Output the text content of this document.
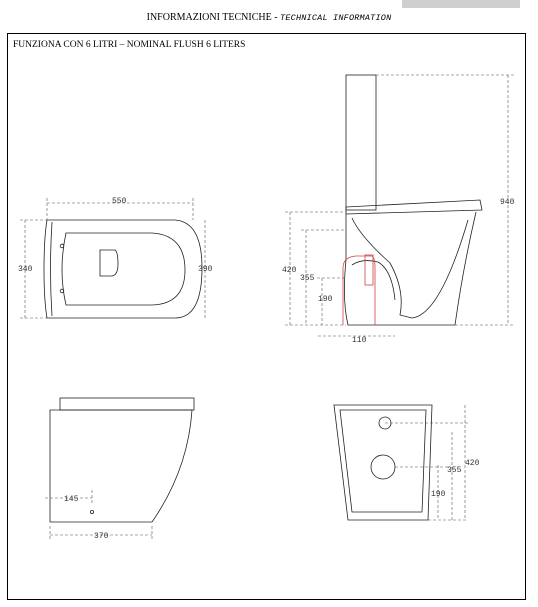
INFORMAZIONI TECNICHE - TECHNICAL INFORMATION
FUNZIONA CON 6 LITRI – NOMINAL FLUSH 6 LITERS
550
340	390	420
355
190
110
940
145
370
420
355
190
